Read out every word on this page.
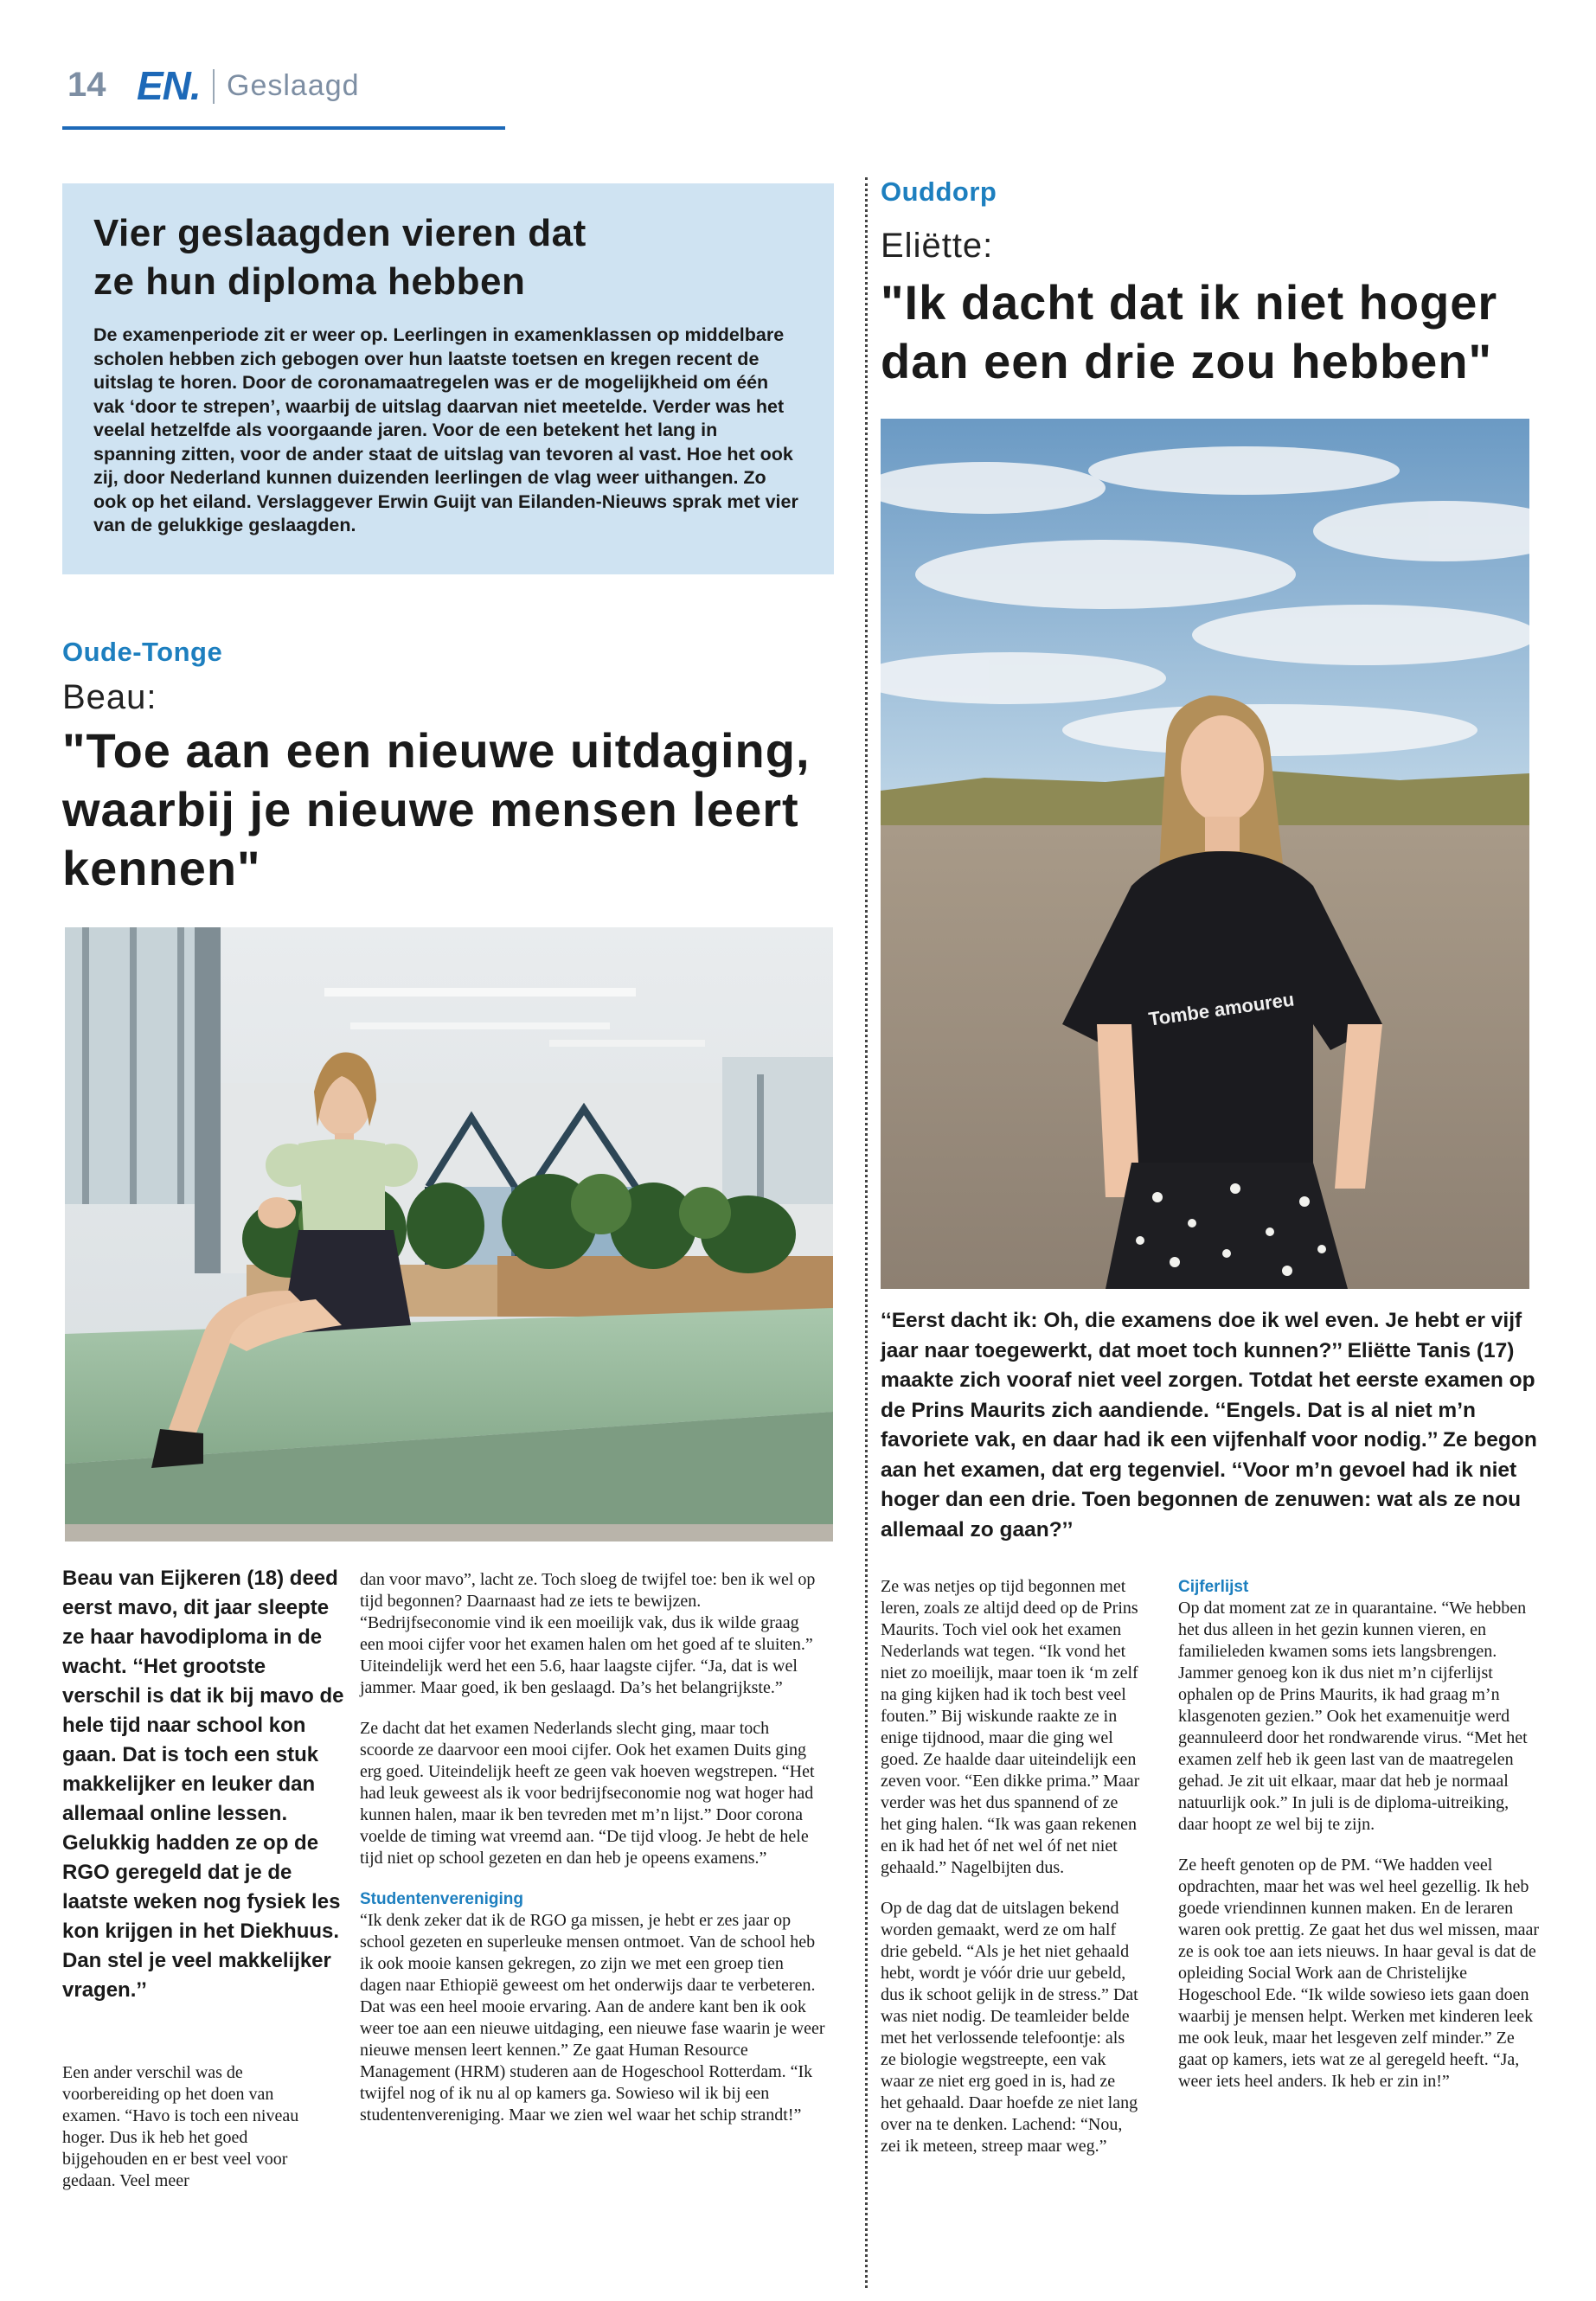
14 EN. Geslaagd
Vier geslaagden vieren dat ze hun diploma hebben
De examenperiode zit er weer op. Leerlingen in examenklassen op middelbare scholen hebben zich gebogen over hun laatste toetsen en kregen recent de uitslag te horen. Door de coronamaatregelen was er de mogelijkheid om één vak ‘door te strepen’, waarbij de uitslag daarvan niet meetelde. Verder was het veelal hetzelfde als voorgaande jaren. Voor de een betekent het lang in spanning zitten, voor de ander staat de uitslag van tevoren al vast. Hoe het ook zij, door Nederland kunnen duizenden leerlingen de vlag weer uithangen. Zo ook op het eiland. Verslaggever Erwin Guijt van Eilanden-Nieuws sprak met vier van de gelukkige geslaagden.
Oude-Tonge
Beau:
"Toe aan een nieuwe uitdaging, waarbij je nieuwe mensen leert kennen"
Ouddorp
Eliëtte:
"Ik dacht dat ik niet hoger dan een drie zou hebben"
Tombe amoureu
‘‘Eerst dacht ik: Oh, die examens doe ik wel even. Je hebt er vijf jaar naar toegewerkt, dat moet toch kunnen?’’ Eliëtte Tanis (17) maakte zich vooraf niet veel zorgen. Totdat het eerste examen op de Prins Maurits zich aandiende. ‘‘Engels. Dat is al niet m’n favoriete vak, en daar had ik een vijfenhalf voor nodig.’’ Ze begon aan het examen, dat erg tegenviel. ‘‘Voor m’n gevoel had ik niet hoger dan een drie. Toen begonnen de zenuwen: wat als ze nou allemaal zo gaan?’’
Beau van Eijkeren (18) deed eerst mavo, dit jaar sleepte ze haar havodiploma in de wacht. ‘‘Het grootste verschil is dat ik bij mavo de hele tijd naar school kon gaan. Dat is toch een stuk makkelijker en leuker dan allemaal online lessen. Gelukkig hadden ze op de RGO geregeld dat je de laatste weken nog fysiek les kon krijgen in het Diekhuus. Dan stel je veel makkelijker vragen.’’

Een ander verschil was de voorbereiding op het doen van examen. “Havo is toch een niveau hoger. Dus ik heb het goed bijgehouden en er best veel voor gedaan. Veel meer

dan voor mavo”, lacht ze. Toch sloeg de twijfel toe: ben ik wel op tijd begonnen? Daarnaast had ze iets te bewijzen. “Bedrijfseconomie vind ik een moeilijk vak, dus ik wilde graag een mooi cijfer voor het examen halen om het goed af te sluiten.” Uiteindelijk werd het een 5.6, haar laagste cijfer. “Ja, dat is wel jammer. Maar goed, ik ben geslaagd. Da’s het belangrijkste.”

Ze dacht dat het examen Nederlands slecht ging, maar toch scoorde ze daarvoor een mooi cijfer. Ook het examen Duits ging erg goed. Uiteindelijk heeft ze geen vak hoeven wegstrepen. “Het had leuk geweest als ik voor bedrijfseconomie nog wat hoger had kunnen halen, maar ik ben tevreden met m’n lijst.” Door corona voelde de timing wat vreemd aan. “De tijd vloog. Je hebt de hele tijd niet op school gezeten en dan heb je opeens examens.”

Studentenvereniging

“Ik denk zeker dat ik de RGO ga missen, je hebt er zes jaar op school gezeten en superleuke mensen ontmoet. Van de school heb ik ook mooie kansen gekregen, zo zijn we met een groep tien dagen naar Ethiopië geweest om het onderwijs daar te verbeteren. Dat was een heel mooie ervaring. Aan de andere kant ben ik ook weer toe aan een nieuwe uitdaging, een nieuwe fase waarin je weer nieuwe mensen leert kennen.” Ze gaat Human Resource Management (HRM) studeren aan de Hogeschool Rotterdam. “Ik twijfel nog of ik nu al op kamers ga. Sowieso wil ik bij een studentenvereniging. Maar we zien wel waar het schip strandt!”

Ze was netjes op tijd begonnen met leren, zoals ze altijd deed op de Prins Maurits. Toch viel ook het examen Nederlands wat tegen. “Ik vond het niet zo moeilijk, maar toen ik ‘m zelf na ging kijken had ik toch best veel fouten.” Bij wiskunde raakte ze in enige tijdnood, maar die ging wel goed. Ze haalde daar uiteindelijk een zeven voor. “Een dikke prima.” Maar verder was het dus spannend of ze het ging halen. “Ik was gaan rekenen en ik had het óf net wel óf net niet gehaald.” Nagelbijten dus.

Op de dag dat de uitslagen bekend worden gemaakt, werd ze om half drie gebeld. “Als je het niet gehaald hebt, wordt je vóór drie uur gebeld, dus ik schoot gelijk in de stress.” Dat was niet nodig. De teamleider belde met het verlossende telefoontje: als ze biologie wegstreepte, een vak waar ze niet erg goed in is, had ze het gehaald. Daar hoefde ze niet lang over na te denken. Lachend: “Nou, zei ik meteen, streep maar weg.”

Cijferlijst

Op dat moment zat ze in quarantaine. “We hebben het dus alleen in het gezin kunnen vieren, en familieleden kwamen soms iets langsbrengen. Jammer genoeg kon ik dus niet m’n cijferlijst ophalen op de Prins Maurits, ik had graag m’n klasgenoten gezien.” Ook het examenuitje werd geannuleerd door het rondwarende virus. “Met het examen zelf heb ik geen last van de maatregelen gehad. Je zit uit elkaar, maar dat heb je normaal natuurlijk ook.” In juli is de diploma-uitreiking, daar hoopt ze wel bij te zijn.

Ze heeft genoten op de PM. “We hadden veel opdrachten, maar het was wel heel gezellig. Ik heb goede vriendinnen kunnen maken. En de leraren waren ook prettig. Ze gaat het dus wel missen, maar ze is ook toe aan iets nieuws. In haar geval is dat de opleiding Social Work aan de Christelijke Hogeschool Ede. “Ik wilde sowieso iets gaan doen waarbij je mensen helpt. Werken met kinderen leek me ook leuk, maar het lesgeven zelf minder.” Ze gaat op kamers, iets wat ze al geregeld heeft. “Ja, weer iets heel anders. Ik heb er zin in!”
